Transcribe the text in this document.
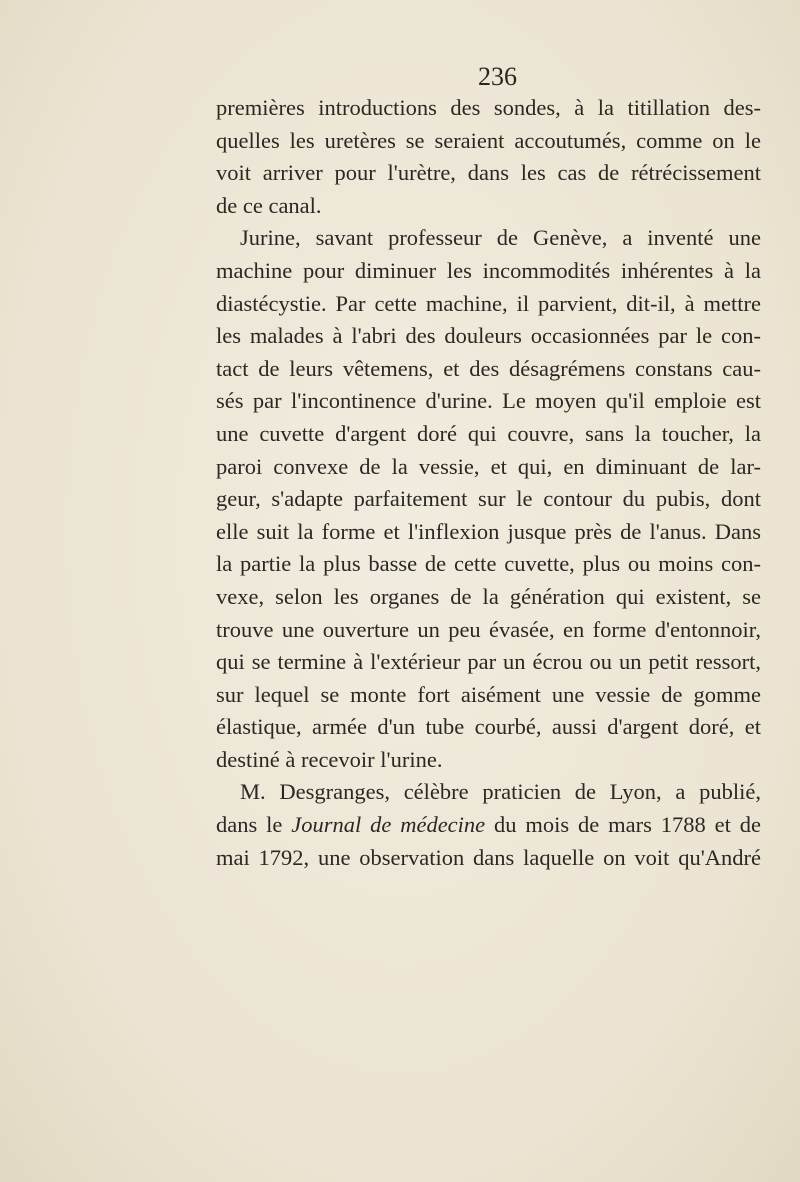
236
premières introductions des sondes, à la titillation des-
quelles les uretères se seraient accoutumés, comme on le
voit arriver pour l'urètre, dans les cas de rétrécissement
de ce canal.
Jurine, savant professeur de Genève, a inventé une
machine pour diminuer les incommodités inhérentes à la
diastécystie. Par cette machine, il parvient, dit-il, à mettre
les malades à l'abri des douleurs occasionnées par le con-
tact de leurs vêtemens, et des désagrémens constans cau-
sés par l'incontinence d'urine. Le moyen qu'il emploie est
une cuvette d'argent doré qui couvre, sans la toucher, la
paroi convexe de la vessie, et qui, en diminuant de lar-
geur, s'adapte parfaitement sur le contour du pubis, dont
elle suit la forme et l'inflexion jusque près de l'anus. Dans
la partie la plus basse de cette cuvette, plus ou moins con-
vexe, selon les organes de la génération qui existent, se
trouve une ouverture un peu évasée, en forme d'entonnoir,
qui se termine à l'extérieur par un écrou ou un petit ressort,
sur lequel se monte fort aisément une vessie de gomme
élastique, armée d'un tube courbé, aussi d'argent doré, et
destiné à recevoir l'urine.
M. Desgranges, célèbre praticien de Lyon, a publié,
dans le Journal de médecine du mois de mars 1788 et de
mai 1792, une observation dans laquelle on voit qu'André
